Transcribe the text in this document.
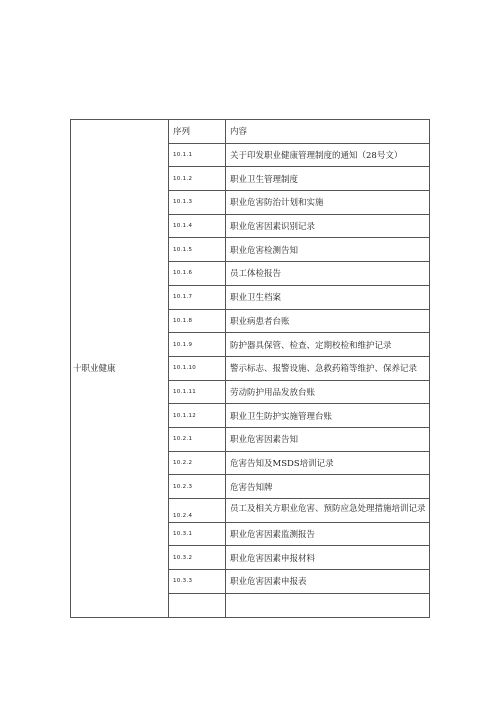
十职业健康	序列	内容
	10.1.1	关于印发职业健康管理制度的通知（28号文）
	10.1.2	职业卫生管理制度
	10.1.3	职业危害防治计划和实施
	10.1.4	职业危害因素识别记录
	10.1.5	职业危害检测告知
	10.1.6	员工体检报告
	10.1.7	职业卫生档案
	10.1.8	职业病患者台账
	10.1.9	防护器具保管、检查、定期校检和维护记录
	10.1.10	警示标志、报警设施、急救药箱等维护、保养记录
	10.1.11	劳动防护用品发放台账
	10.1.12	职业卫生防护实施管理台账
	10.2.1	职业危害因素告知
	10.2.2	危害告知及MSDS培训记录
	10.2.3	危害告知牌
	10.2.4	员工及相关方职业危害、预防应急处理措施培训记录
	10.3.1	职业危害因素监测报告
	10.3.2	职业危害因素申报材料
	10.3.3	职业危害因素申报表
